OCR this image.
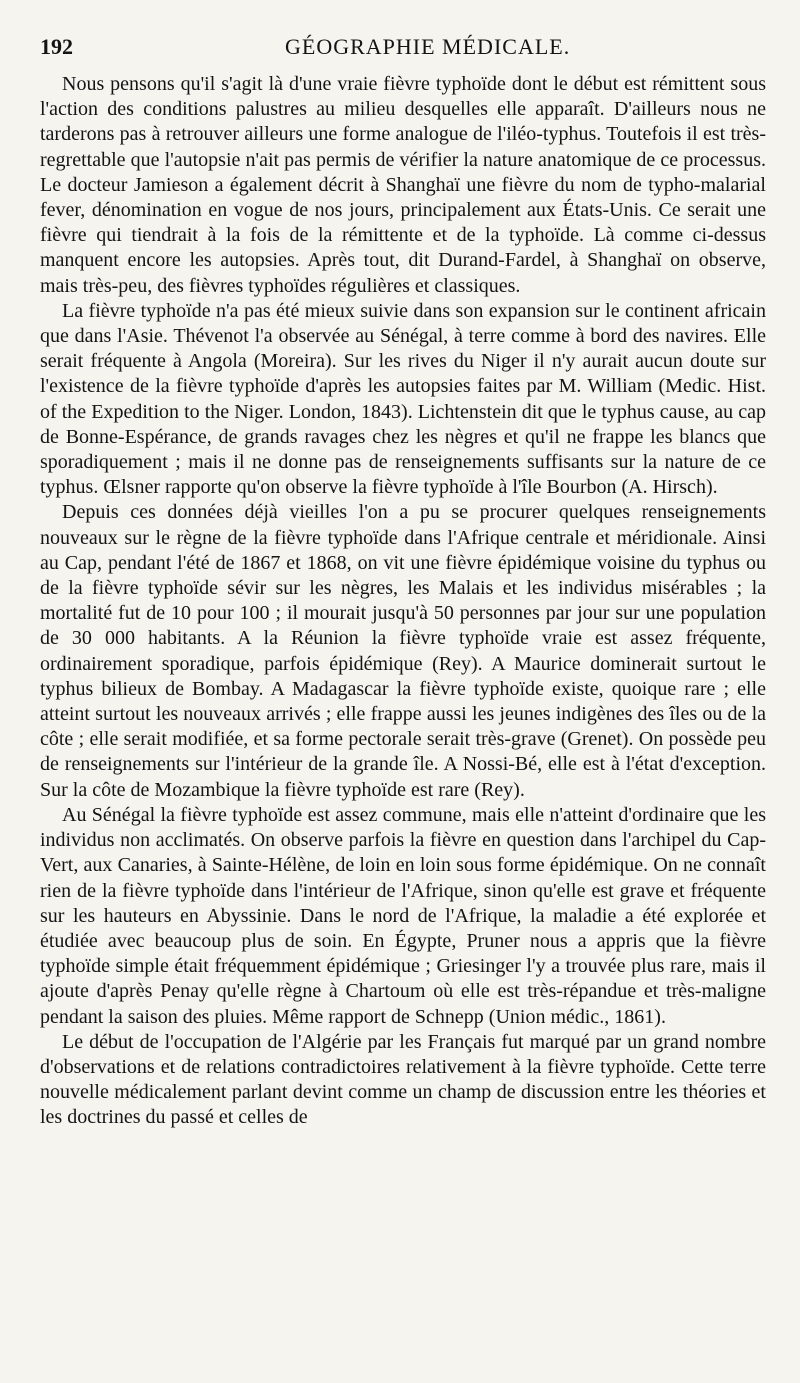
192	GÉOGRAPHIE MÉDICALE.

Nous pensons qu'il s'agit là d'une vraie fièvre typhoïde dont le début est rémittent sous l'action des conditions palustres au milieu desquelles elle apparaît. D'ailleurs nous ne tarderons pas à retrouver ailleurs une forme analogue de l'iléo-typhus. Toutefois il est très-regrettable que l'autopsie n'ait pas permis de vérifier la nature anatomique de ce processus. Le docteur Jamieson a également décrit à Shanghaï une fièvre du nom de typho-malarial fever, dénomination en vogue de nos jours, principalement aux États-Unis. Ce serait une fièvre qui tiendrait à la fois de la rémittente et de la typhoïde. Là comme ci-dessus manquent encore les autopsies. Après tout, dit Durand-Fardel, à Shanghaï on observe, mais très-peu, des fièvres typhoïdes régulières et classiques.

La fièvre typhoïde n'a pas été mieux suivie dans son expansion sur le continent africain que dans l'Asie. Thévenot l'a observée au Sénégal, à terre comme à bord des navires. Elle serait fréquente à Angola (Moreira). Sur les rives du Niger il n'y aurait aucun doute sur l'existence de la fièvre typhoïde d'après les autopsies faites par M. William (Medic. Hist. of the Expedition to the Niger. London, 1843). Lichtenstein dit que le typhus cause, au cap de Bonne-Espérance, de grands ravages chez les nègres et qu'il ne frappe les blancs que sporadiquement ; mais il ne donne pas de renseignements suffisants sur la nature de ce typhus. Œlsner rapporte qu'on observe la fièvre typhoïde à l'île Bourbon (A. Hirsch).

Depuis ces données déjà vieilles l'on a pu se procurer quelques renseignements nouveaux sur le règne de la fièvre typhoïde dans l'Afrique centrale et méridionale. Ainsi au Cap, pendant l'été de 1867 et 1868, on vit une fièvre épidémique voisine du typhus ou de la fièvre typhoïde sévir sur les nègres, les Malais et les individus misérables ; la mortalité fut de 10 pour 100 ; il mourait jusqu'à 50 personnes par jour sur une population de 30 000 habitants. A la Réunion la fièvre typhoïde vraie est assez fréquente, ordinairement sporadique, parfois épidémique (Rey). A Maurice dominerait surtout le typhus bilieux de Bombay. A Madagascar la fièvre typhoïde existe, quoique rare ; elle atteint surtout les nouveaux arrivés ; elle frappe aussi les jeunes indigènes des îles ou de la côte ; elle serait modifiée, et sa forme pectorale serait très-grave (Grenet). On possède peu de renseignements sur l'intérieur de la grande île. A Nossi-Bé, elle est à l'état d'exception. Sur la côte de Mozambique la fièvre typhoïde est rare (Rey).

Au Sénégal la fièvre typhoïde est assez commune, mais elle n'atteint d'ordinaire que les individus non acclimatés. On observe parfois la fièvre en question dans l'archipel du Cap-Vert, aux Canaries, à Sainte-Hélène, de loin en loin sous forme épidémique. On ne connaît rien de la fièvre typhoïde dans l'intérieur de l'Afrique, sinon qu'elle est grave et fréquente sur les hauteurs en Abyssinie. Dans le nord de l'Afrique, la maladie a été explorée et étudiée avec beaucoup plus de soin. En Égypte, Pruner nous a appris que la fièvre typhoïde simple était fréquemment épidémique ; Griesinger l'y a trouvée plus rare, mais il ajoute d'après Penay qu'elle règne à Chartoum où elle est très-répandue et très-maligne pendant la saison des pluies. Même rapport de Schnepp (Union médic., 1861).

Le début de l'occupation de l'Algérie par les Français fut marqué par un grand nombre d'observations et de relations contradictoires relativement à la fièvre typhoïde. Cette terre nouvelle médicalement parlant devint comme un champ de discussion entre les théories et les doctrines du passé et celles de
